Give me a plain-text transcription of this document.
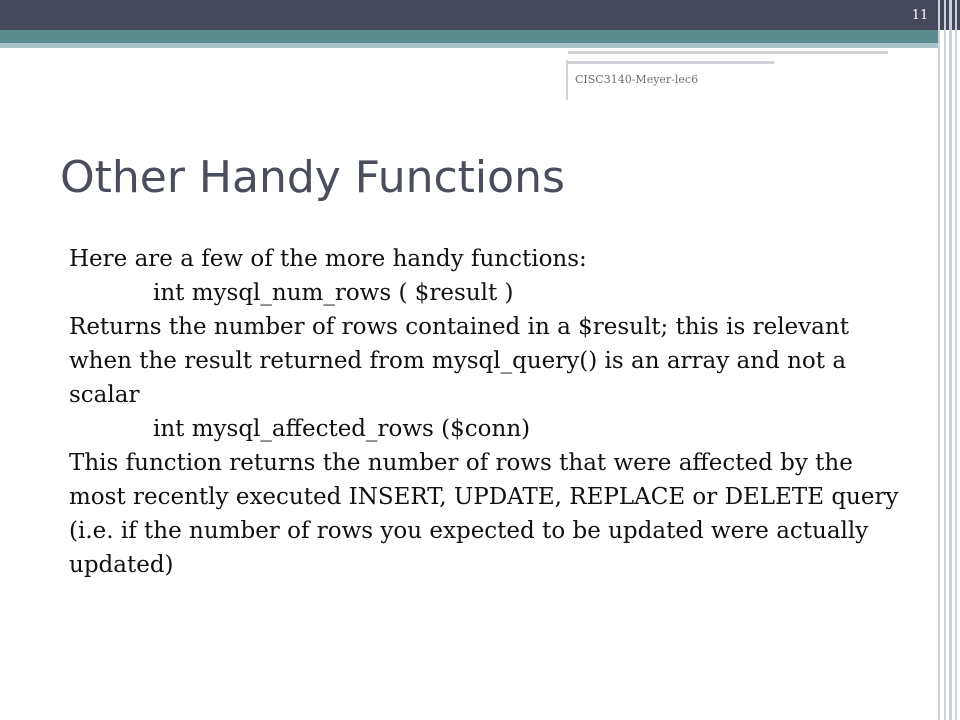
11
CISC3140-Meyer-lec6
Other Handy Functions

Here are a few of the more handy functions:

int mysql_num_rows ( $result )

Returns the number of rows contained in a $result; this is relevant when the result returned from mysql_query() is an array and not a scalar

int mysql_affected_rows ($conn)

This function returns the number of rows that were affected by the most recently executed INSERT, UPDATE, REPLACE or DELETE query (i.e. if the number of rows you expected to be updated were actually updated)
